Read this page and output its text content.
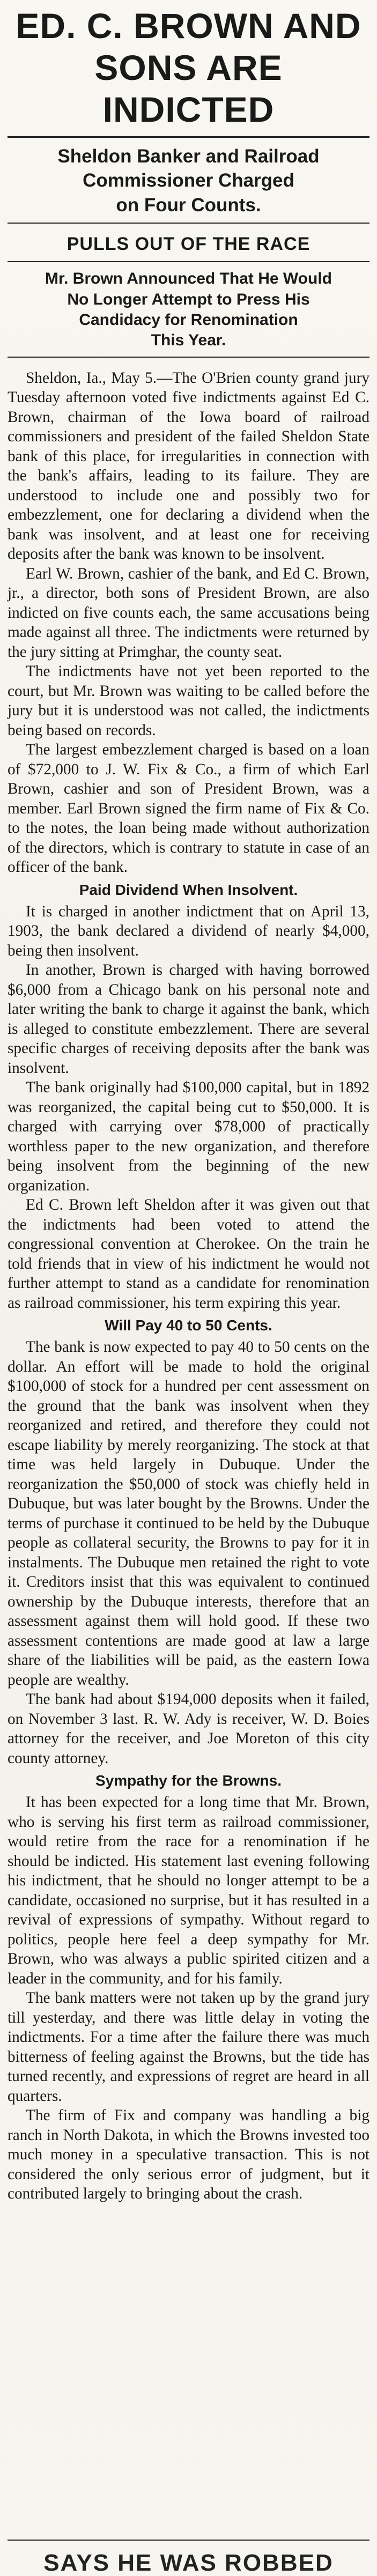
ED. C. BROWN AND
SONS ARE INDICTED
Sheldon Banker and Railroad
Commissioner Charged
on Four Counts.
PULLS OUT OF THE RACE
Mr. Brown Announced That He Would
No Longer Attempt to Press His
Candidacy for Renomination
This Year.

Sheldon, Ia., May 5.—The O'Brien county grand jury Tuesday afternoon voted five indictments against Ed C. Brown, chairman of the Iowa board of railroad commissioners and president of the failed Sheldon State bank of this place, for irregularities in connection with the bank's affairs, leading to its failure. They are understood to include one and possibly two for embezzlement, one for declaring a dividend when the bank was insolvent, and at least one for receiving deposits after the bank was known to be insolvent.

Earl W. Brown, cashier of the bank, and Ed C. Brown, jr., a director, both sons of President Brown, are also indicted on five counts each, the same accusations being made against all three. The indictments were returned by the jury sitting at Primghar, the county seat.

The indictments have not yet been reported to the court, but Mr. Brown was waiting to be called before the jury but it is understood was not called, the indictments being based on records.

The largest embezzlement charged is based on a loan of $72,000 to J. W. Fix & Co., a firm of which Earl Brown, cashier and son of President Brown, was a member. Earl Brown signed the firm name of Fix & Co. to the notes, the loan being made without authorization of the directors, which is contrary to statute in case of an officer of the bank.

Paid Dividend When Insolvent.

It is charged in another indictment that on April 13, 1903, the bank declared a dividend of nearly $4,000, being then insolvent.

In another, Brown is charged with having borrowed $6,000 from a Chicago bank on his personal note and later writing the bank to charge it against the bank, which is alleged to constitute embezzlement. There are several specific charges of receiving deposits after the bank was insolvent.

The bank originally had $100,000 capital, but in 1892 was reorganized, the capital being cut to $50,000. It is charged with carrying over $78,000 of practically worthless paper to the new organization, and therefore being insolvent from the beginning of the new organization.

Ed C. Brown left Sheldon after it was given out that the indictments had been voted to attend the congressional convention at Cherokee. On the train he told friends that in view of his indictment he would not further attempt to stand as a candidate for renomination as railroad commissioner, his term expiring this year.

Will Pay 40 to 50 Cents.

The bank is now expected to pay 40 to 50 cents on the dollar. An effort will be made to hold the original $100,000 of stock for a hundred per cent assessment on the ground that the bank was insolvent when they reorganized and retired, and therefore they could not escape liability by merely reorganizing. The stock at that time was held largely in Dubuque. Under the reorganization the $50,000 of stock was chiefly held in Dubuque, but was later bought by the Browns. Under the terms of purchase it continued to be held by the Dubuque people as collateral security, the Browns to pay for it in instalments. The Dubuque men retained the right to vote it. Creditors insist that this was equivalent to continued ownership by the Dubuque interests, therefore that an assessment against them will hold good. If these two assessment contentions are made good at law a large share of the liabilities will be paid, as the eastern Iowa people are wealthy.

The bank had about $194,000 deposits when it failed, on November 3 last. R. W. Ady is receiver, W. D. Boies attorney for the receiver, and Joe Moreton of this city county attorney.

Sympathy for the Browns.

It has been expected for a long time that Mr. Brown, who is serving his first term as railroad commissioner, would retire from the race for a renomination if he should be indicted. His statement last evening following his indictment, that he should no longer attempt to be a candidate, occasioned no surprise, but it has resulted in a revival of expressions of sympathy. Without regard to politics, people here feel a deep sympathy for Mr. Brown, who was always a public spirited citizen and a leader in the community, and for his family.

The bank matters were not taken up by the grand jury till yesterday, and there was little delay in voting the indictments. For a time after the failure there was much bitterness of feeling against the Browns, but the tide has turned recently, and expressions of regret are heard in all quarters.

The firm of Fix and company was handling a big ranch in North Dakota, in which the Browns invested too much money in a speculative transaction. This is not considered the only serious error of judgment, but it contributed largely to bringing about the crash.

SAYS HE WAS ROBBED
